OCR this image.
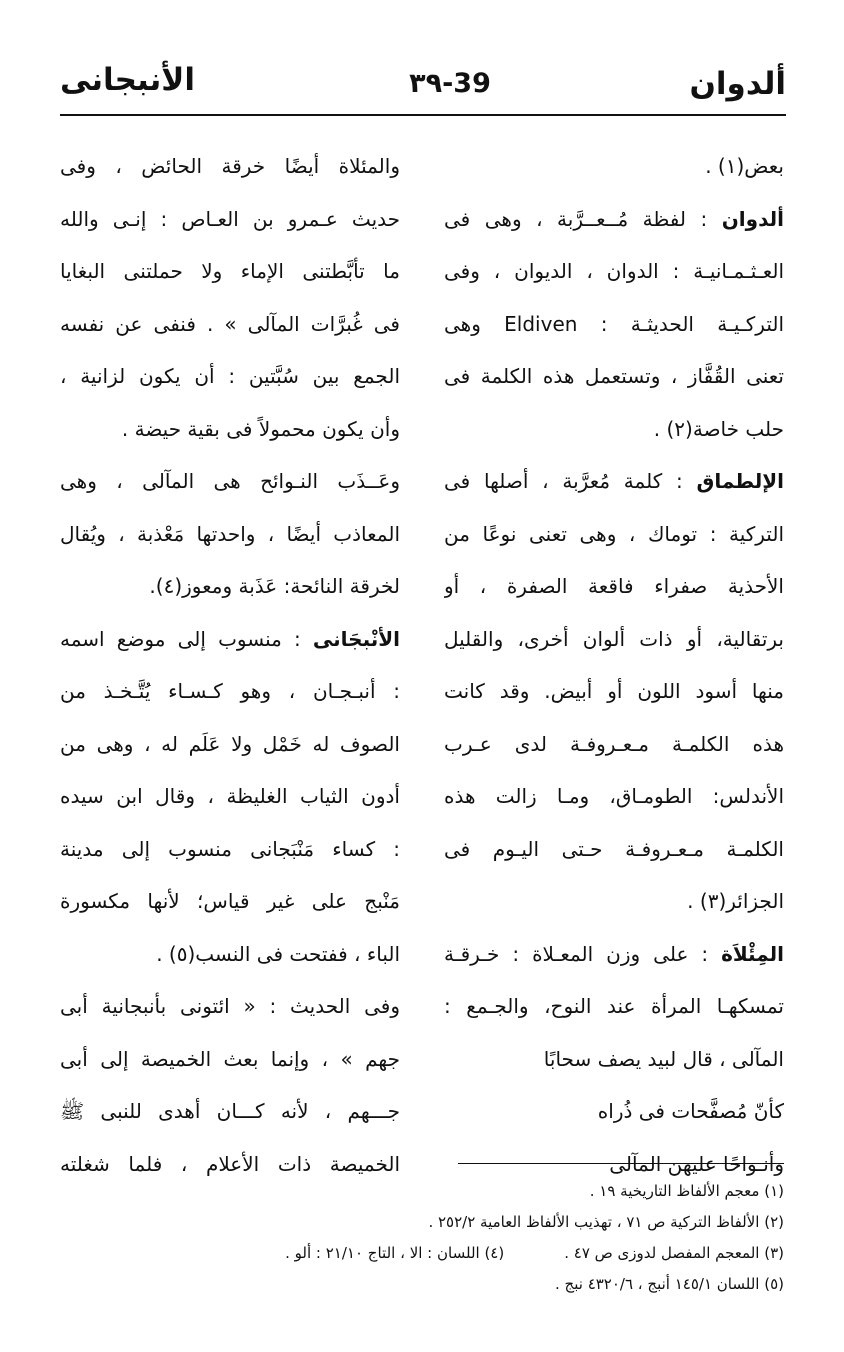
ألدوان
٣٩-39
الأنبجانى
بعض(١) .
ألدوان : لفظة مُــعــرَّبة ، وهى فى
العـثـمـانيـة : الدوان ، الديوان ، وفى
التركـيـة الحديثـة : Eldiven وهى
تعنى القُفَّاز ، وتستعمل هذه الكلمة فى
حلب خاصة(٢) .
الإلطماق : كلمة مُعرَّبة ، أصلها فى
التركية : توماك ، وهى تعنى نوعًا من
الأحذية صفراء فاقعة الصفرة ، أو
برتقالية، أو ذات ألوان أخرى، والقليل
منها أسود اللون أو أبيض. وقد كانت
هذه الكلمـة مـعـروفـة لدى عـرب
الأندلس: الطومـاق، ومـا زالت هذه
الكلمـة مـعـروفـة حـتى اليـوم فى
الجزائر(٣) .
المِئْلاَة : على وزن المعـلاة : خـرقـة
تمسكهـا المرأة عند النوح، والجـمع :
المآلى ، قال لبيد يصف سحابًا
كأنّ مُصفَّحات فى ذُراه
وأنـواحًا عليهن المآلى
والمئلاة أيضًا خرقة الحائض ، وفى
حديث عـمرو بن العـاص : إنـى والله
ما تأبَّطتنى الإماء ولا حملتنى البغايا
فى غُبرَّات المآلى » . فنفى عن نفسه
الجمع بين سُبَّتين : أن يكون لزانية ،
وأن يكون محمولاً فى بقية حيضة .
وعَــذَب النـوائح هى المآلى ، وهى
المعاذب أيضًا ، واحدتها مَعْذبة ، ويُقال
لخرقة النائحة: عَذَبة ومعوز(٤).
الأنْبجَانى : منسوب إلى موضع اسمه
: أنبـجـان ، وهو كـسـاء يُتَّـخـذ من
الصوف له خَمْل ولا عَلَم له ، وهى من
أدون الثياب الغليظة ، وقال ابن سيده
: كساء مَنْبَجانى منسوب إلى مدينة
مَنْبج على غير قياس؛ لأنها مكسورة
الباء ، ففتحت فى النسب(٥) .
وفى الحديث : « ائتونى بأنبجانية أبى
جهم » ، وإنما بعث الخميصة إلى أبى
جـــهم ، لأنه كـــان أهدى للنبى ﷺ
الخميصة ذات الأعلام ، فلما شغلته
(١) معجم الألفاظ التاريخية ١٩ .
(٢) الألفاظ التركية ص ٧١ ، تهذيب الألفاظ العامية ٢٥٢/٢ .
(٣) المعجم المفصل لدوزى ص ٤٧ .(٤) اللسان : الا ، التاج ٢١/١٠ : ألو .
(٥) اللسان ١٤٥/١ أنبج ، ٤٣٢٠/٦ نبج .
